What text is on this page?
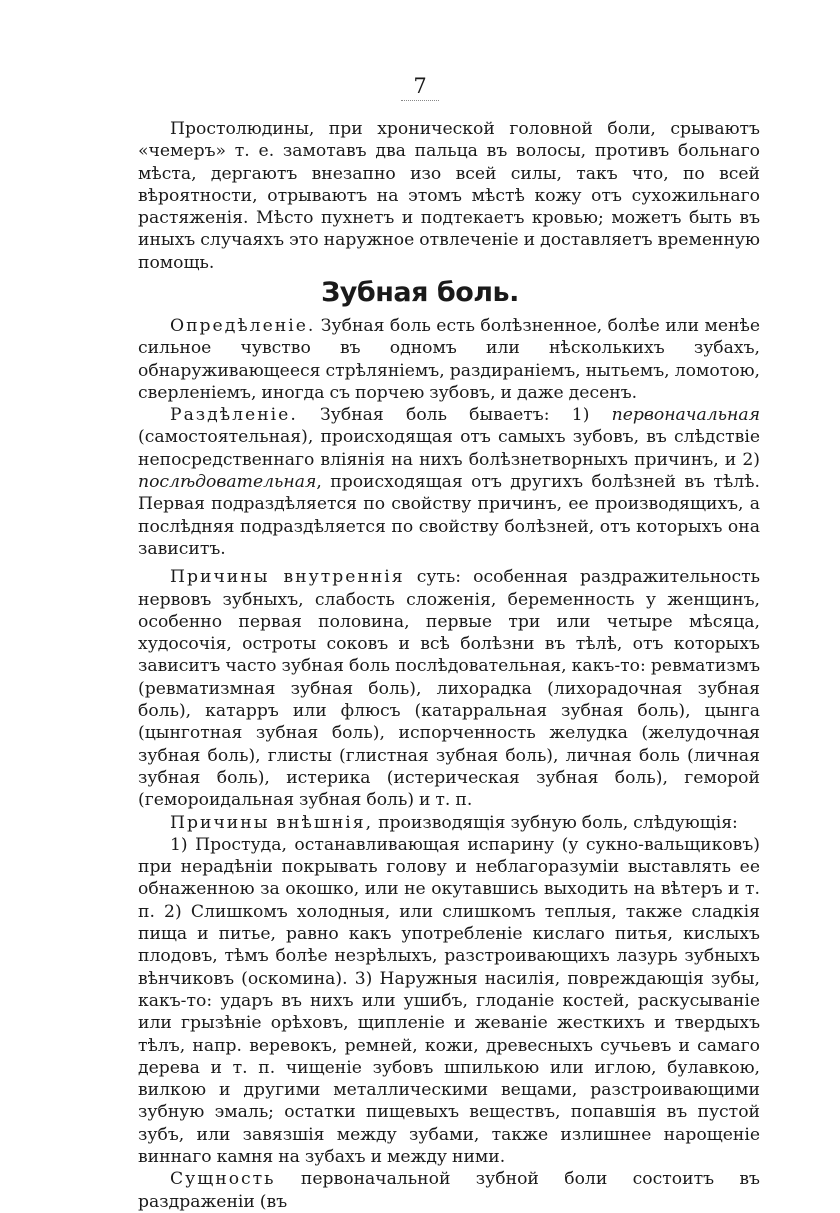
7

Простолюдины, при хронической головной боли, срываютъ «чемеръ» т. е. замотавъ два пальца въ волосы, противъ больнаго мѣста, дергаютъ внезапно изо всей силы, такъ что, по всей вѣроятности, отрываютъ на этомъ мѣстѣ кожу отъ сухожильнаго растяженія. Мѣсто пухнетъ и подтекаетъ кровью; можетъ быть въ иныхъ случаяхъ это наружное отвлеченіе и доставляетъ временную помощь.

Зубная боль.

Опредѣленіе. Зубная боль есть болѣзненное, болѣе или менѣе сильное чувство въ одномъ или нѣсколькихъ зубахъ, обнаруживающееся стрѣляніемъ, раздираніемъ, нытьемъ, ломотою, сверленіемъ, иногда съ порчею зубовъ, и даже десенъ.

Раздѣленіе. Зубная боль бываетъ: 1) первоначальная (самостоятельная), происходящая отъ самыхъ зубовъ, въ слѣдствіе непосредственнаго вліянія на нихъ болѣзнетворныхъ причинъ, и 2) послѣдовательная, происходящая отъ другихъ болѣзней въ тѣлѣ. Первая подраздѣляется по свойству причинъ, ее производящихъ, а послѣдняя подраздѣляется по свойству болѣзней, отъ которыхъ она зависитъ.

Причины внутреннія суть: особенная раздражительность нервовъ зубныхъ, слабость сложенія, беременность у женщинъ, особенно первая половина, первые три или четыре мѣсяца, худосочія, остроты соковъ и всѣ болѣзни въ тѣлѣ, отъ которыхъ зависитъ часто зубная боль послѣдовательная, какъ-то: ревматизмъ (ревматизмная зубная боль), лихорадка (лихорадочная зубная боль), катарръ или флюсъ (катарральная зубная боль), цынга (цынготная зубная боль), испорченность желудка (желудочная зубная боль), глисты (глистная зубная боль), личная боль (личная зубная боль), истерика (истерическая зубная боль), геморой (гемороидальная зубная боль) и т. п.

Причины внѣшнія, производящія зубную боль, слѣдующія:

1) Простуда, останавливающая испарину (у сукно-вальщиковъ) при нерадѣніи покрывать голову и неблагоразуміи выставлять ее обнаженною за окошко, или не окутавшись выходить на вѣтеръ и т. п. 2) Слишкомъ холодныя, или слишкомъ теплыя, также сладкія пища и питье, равно какъ употребленіе кислаго питья, кислыхъ плодовъ, тѣмъ болѣе незрѣлыхъ, разстроивающихъ лазурь зубныхъ вѣнчиковъ (оскомина). 3) Наружныя насилія, повреждающія зубы, какъ-то: ударъ въ нихъ или ушибъ, глоданіе костей, раскусываніе или грызѣніе орѣховъ, щипленіе и жеваніе жесткихъ и твердыхъ тѣлъ, напр. веревокъ, ремней, кожи, древесныхъ сучьевъ и самаго дерева и т. п. чищеніе зубовъ шпилькою или иглою, булавкою, вилкою и другими металлическими вещами, разстроивающими зубную эмаль; остатки пищевыхъ веществъ, попавшія въ пустой зубъ, или завязшія между зубами, также излишнее нарощеніе виннаго камня на зубахъ и между ними.

Сущность первоначальной зубной боли состоитъ въ раздраженіи (въ
